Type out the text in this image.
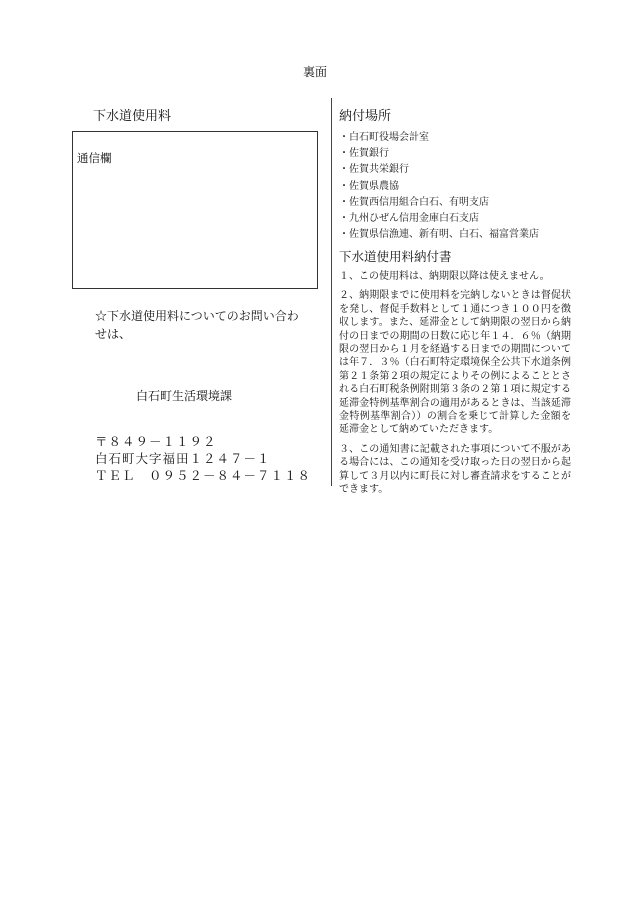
裏面
下水道使用料
通信欄
☆下水道使用料についてのお問い合わせは、
白石町生活環境課
〒８４９－１１９２
白石町大字福田１２４７－１
ＴＥＬ　０９５２－８４－７１１８
納付場所
・白石町役場会計室
・佐賀銀行
・佐賀共栄銀行
・佐賀県農協
・佐賀西信用組合白石、有明支店
・九州ひぜん信用金庫白石支店
・佐賀県信漁連、新有明、白石、福富営業店
下水道使用料納付書

１、この使用料は、納期限以降は使えません。

２、納期限までに使用料を完納しないときは督促状を発し、督促手数料として１通につき１００円を徴収します。また、延滞金として納期限の翌日から納付の日までの期間の日数に応じ年１４．６％（納期限の翌日から１月を経過する日までの期間については年７．３％（白石町特定環境保全公共下水道条例第２１条第２項の規定によりその例によることとされる白石町税条例附則第３条の２第１項に規定する延滞金特例基準割合の適用があるときは、当該延滞金特例基準割合））の割合を乗じて計算した金額を延滞金として納めていただきます。

３、この通知書に記載された事項について不服がある場合には、この通知を受け取った日の翌日から起算して３月以内に町長に対し審査請求をすることができます。
